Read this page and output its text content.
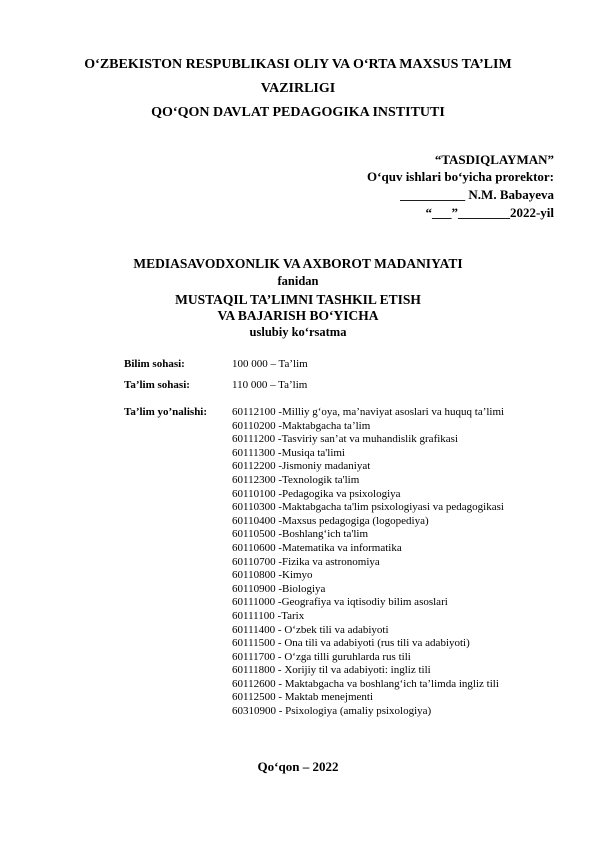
O‘ZBEKISTON RESPUBLIKASI OLIY VA O‘RTA MAXSUS TA’LIM
VAZIRLIGI
QO‘QON DAVLAT PEDAGOGIKA INSTITUTI
“TASDIQLAYMAN”
O‘quv ishlari bo‘yicha prorektor:
__________ N.M. Babayeva
“___”________2022-yil
MEDIASAVODXONLIK VA AXBOROT MADANIYATI
fanidan
MUSTAQIL TA’LIMNI TASHKIL ETISH
VA BAJARISH BO‘YICHA
uslubiy ko‘rsatma
Bilim sohasi:	100 000 – Ta’lim
Ta’lim sohasi:	110 000 – Ta’lim
Ta’lim yo’nalishi: 60112100 -Milliy g‘oya, ma’naviyat asoslari va huquq ta’limi
60110200 -Maktabgacha ta’lim
60111200 -Tasviriy san’at va muhandislik grafikasi
60111300 -Musiqa ta'limi
60112200 -Jismoniy madaniyat
60112300 -Texnologik ta'lim
60110100 -Pedagogika va psixologiya
60110300 -Maktabgacha ta'lim psixologiyasi va pedagogikasi
60110400 -Maxsus pedagogiga (logopediya)
60110500 -Boshlang‘ich ta'lim
60110600 -Matematika va informatika
60110700 -Fizika va astronomiya
60110800 -Kimyo
60110900 -Biologiya
60111000 -Geografiya va iqtisodiy bilim asoslari
60111100 -Tarix
60111400 - O‘zbek tili va adabiyoti
60111500 - Ona tili va adabiyoti (rus tili va adabiyoti)
60111700 - O‘zga tilli guruhlarda rus tili
60111800 - Xorijiy til va adabiyoti: ingliz tili
60112600 - Maktabgacha va boshlang‘ich ta’limda ingliz tili
60112500 - Maktab menejmenti
60310900 - Psixologiya (amaliy psixologiya)
Qo‘qon – 2022
